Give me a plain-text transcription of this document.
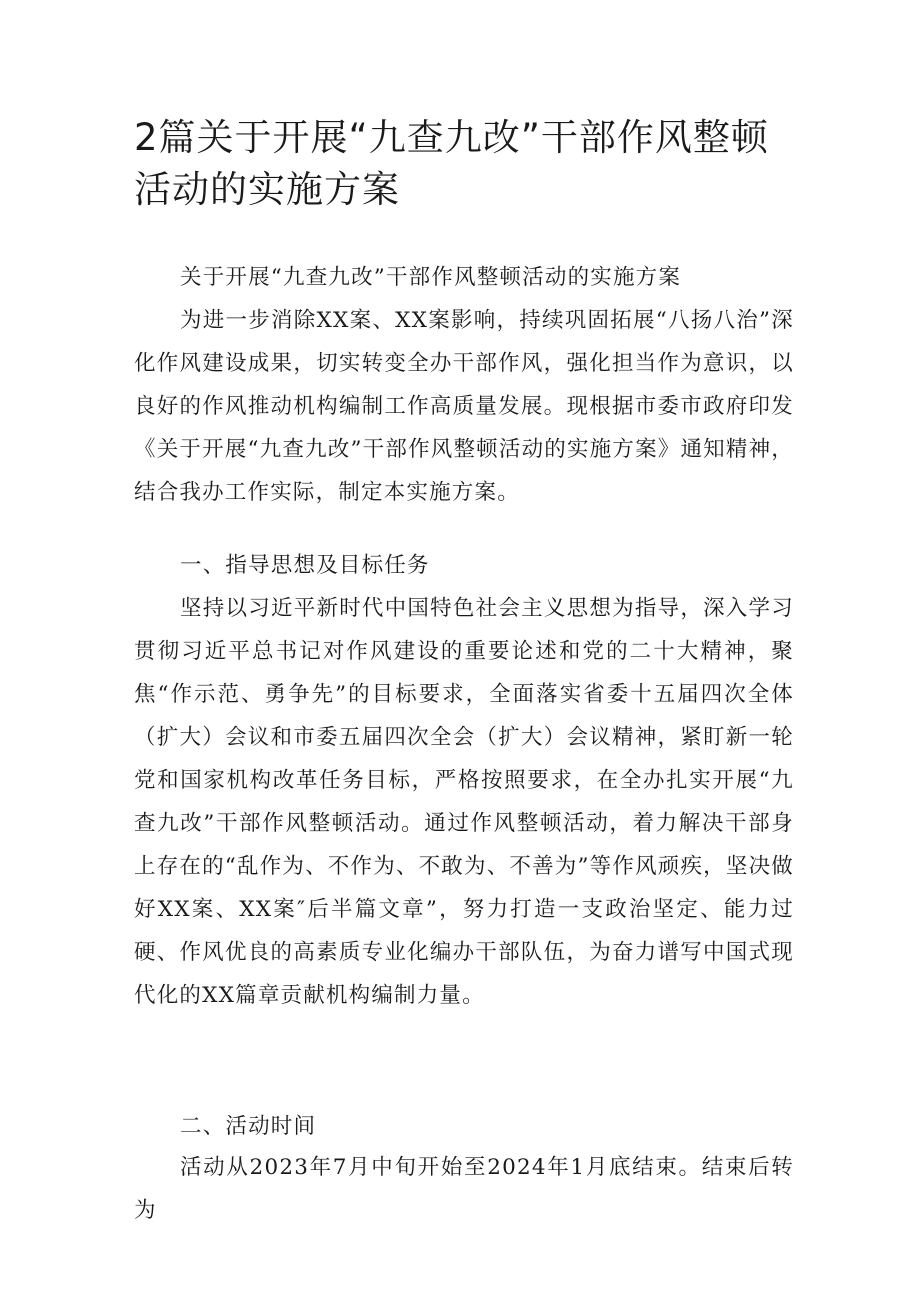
2篇关于开展“九查九改”干部作风整顿活动的实施方案

关于开展“九查九改”干部作风整顿活动的实施方案

为进一步消除XX案、XX案影响，持续巩固拓展“八扬八治”深化作风建设成果，切实转变全办干部作风，强化担当作为意识，以良好的作风推动机构编制工作高质量发展。现根据市委市政府印发《关于开展“九查九改”干部作风整顿活动的实施方案》通知精神，结合我办工作实际，制定本实施方案。

一、指导思想及目标任务

坚持以习近平新时代中国特色社会主义思想为指导，深入学习贯彻习近平总书记对作风建设的重要论述和党的二十大精神，聚焦“作示范、勇争先”的目标要求，全面落实省委十五届四次全体（扩大）会议和市委五届四次全会（扩大）会议精神，紧盯新一轮党和国家机构改革任务目标，严格按照要求，在全办扎实开展“九查九改”干部作风整顿活动。通过作风整顿活动，着力解决干部身上存在的“乱作为、不作为、不敢为、不善为”等作风顽疾，坚决做好XX案、XX案″后半篇文章”，努力打造一支政治坚定、能力过硬、作风优良的高素质专业化编办干部队伍，为奋力谱写中国式现代化的XX篇章贡献机构编制力量。

二、活动时间

活动从2023年7月中旬开始至2024年1月底结束。结束后转为
